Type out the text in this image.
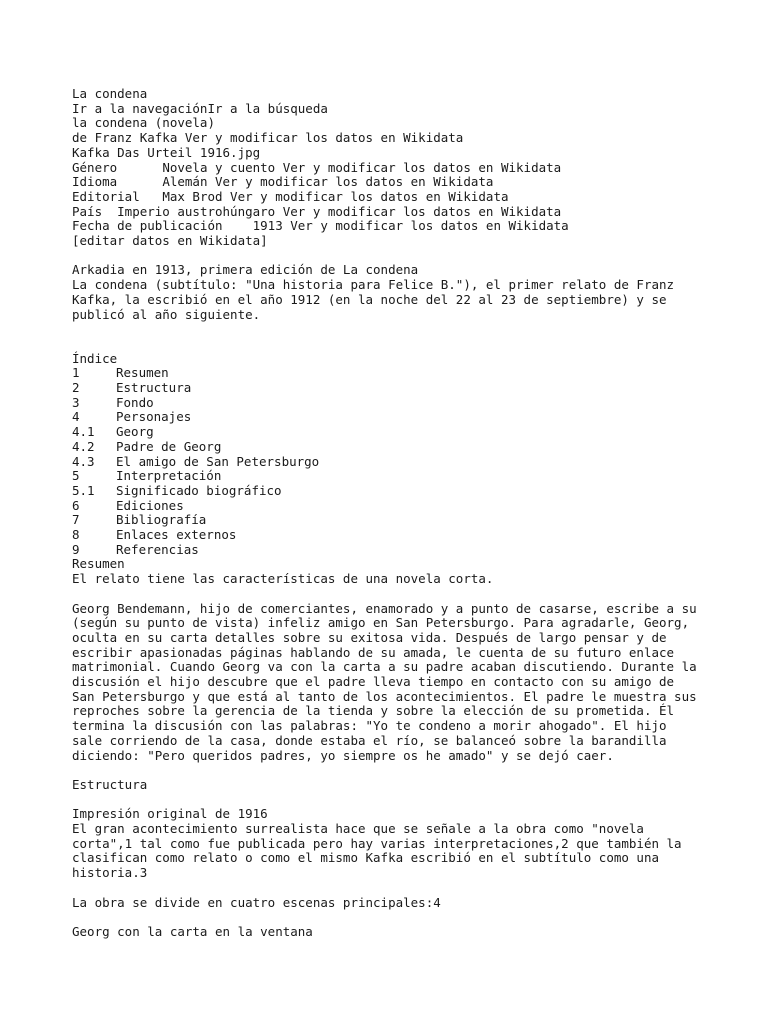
La condena
Ir a la navegaciónIr a la búsqueda
la condena (novela)
de Franz Kafka Ver y modificar los datos en Wikidata
Kafka Das Urteil 1916.jpg
Género      Novela y cuento Ver y modificar los datos en Wikidata
Idioma      Alemán Ver y modificar los datos en Wikidata
Editorial   Max Brod Ver y modificar los datos en Wikidata
País  Imperio austrohúngaro Ver y modificar los datos en Wikidata
Fecha de publicación    1913 Ver y modificar los datos en Wikidata
[editar datos en Wikidata]
Arkadia en 1913, primera edición de La condena
La condena (subtítulo: "Una historia para Felice B."), el primer relato de Franz
Kafka, la escribió en el año 1912 (en la noche del 22 al 23 de septiembre) y se
publicó al año siguiente.
Índice
1	Resumen
2	Estructura
3	Fondo
4	Personajes
4.1 Georg
4.2 Padre de Georg
4.3 El amigo de San Petersburgo
5	Interpretación
5.1 Significado biográfico
6	Ediciones
7	Bibliografía
8	Enlaces externos
9	Referencias
Resumen
El relato tiene las características de una novela corta.
Georg Bendemann, hijo de comerciantes, enamorado y a punto de casarse, escribe a su
(según su punto de vista) infeliz amigo en San Petersburgo. Para agradarle, Georg,
oculta en su carta detalles sobre su exitosa vida. Después de largo pensar y de
escribir apasionadas páginas hablando de su amada, le cuenta de su futuro enlace
matrimonial. Cuando Georg va con la carta a su padre acaban discutiendo. Durante la
discusión el hijo descubre que el padre lleva tiempo en contacto con su amigo de
San Petersburgo y que está al tanto de los acontecimientos. El padre le muestra sus
reproches sobre la gerencia de la tienda y sobre la elección de su prometida. Él
termina la discusión con las palabras: "Yo te condeno a morir ahogado". El hijo
sale corriendo de la casa, donde estaba el río, se balanceó sobre la barandilla
diciendo: "Pero queridos padres, yo siempre os he amado" y se dejó caer.
Estructura
Impresión original de 1916
El gran acontecimiento surrealista hace que se señale a la obra como "novela
corta",1 tal como fue publicada pero hay varias interpretaciones,2 que también la
clasifican como relato o como el mismo Kafka escribió en el subtítulo como una
historia.3
La obra se divide en cuatro escenas principales:4
Georg con la carta en la ventana
